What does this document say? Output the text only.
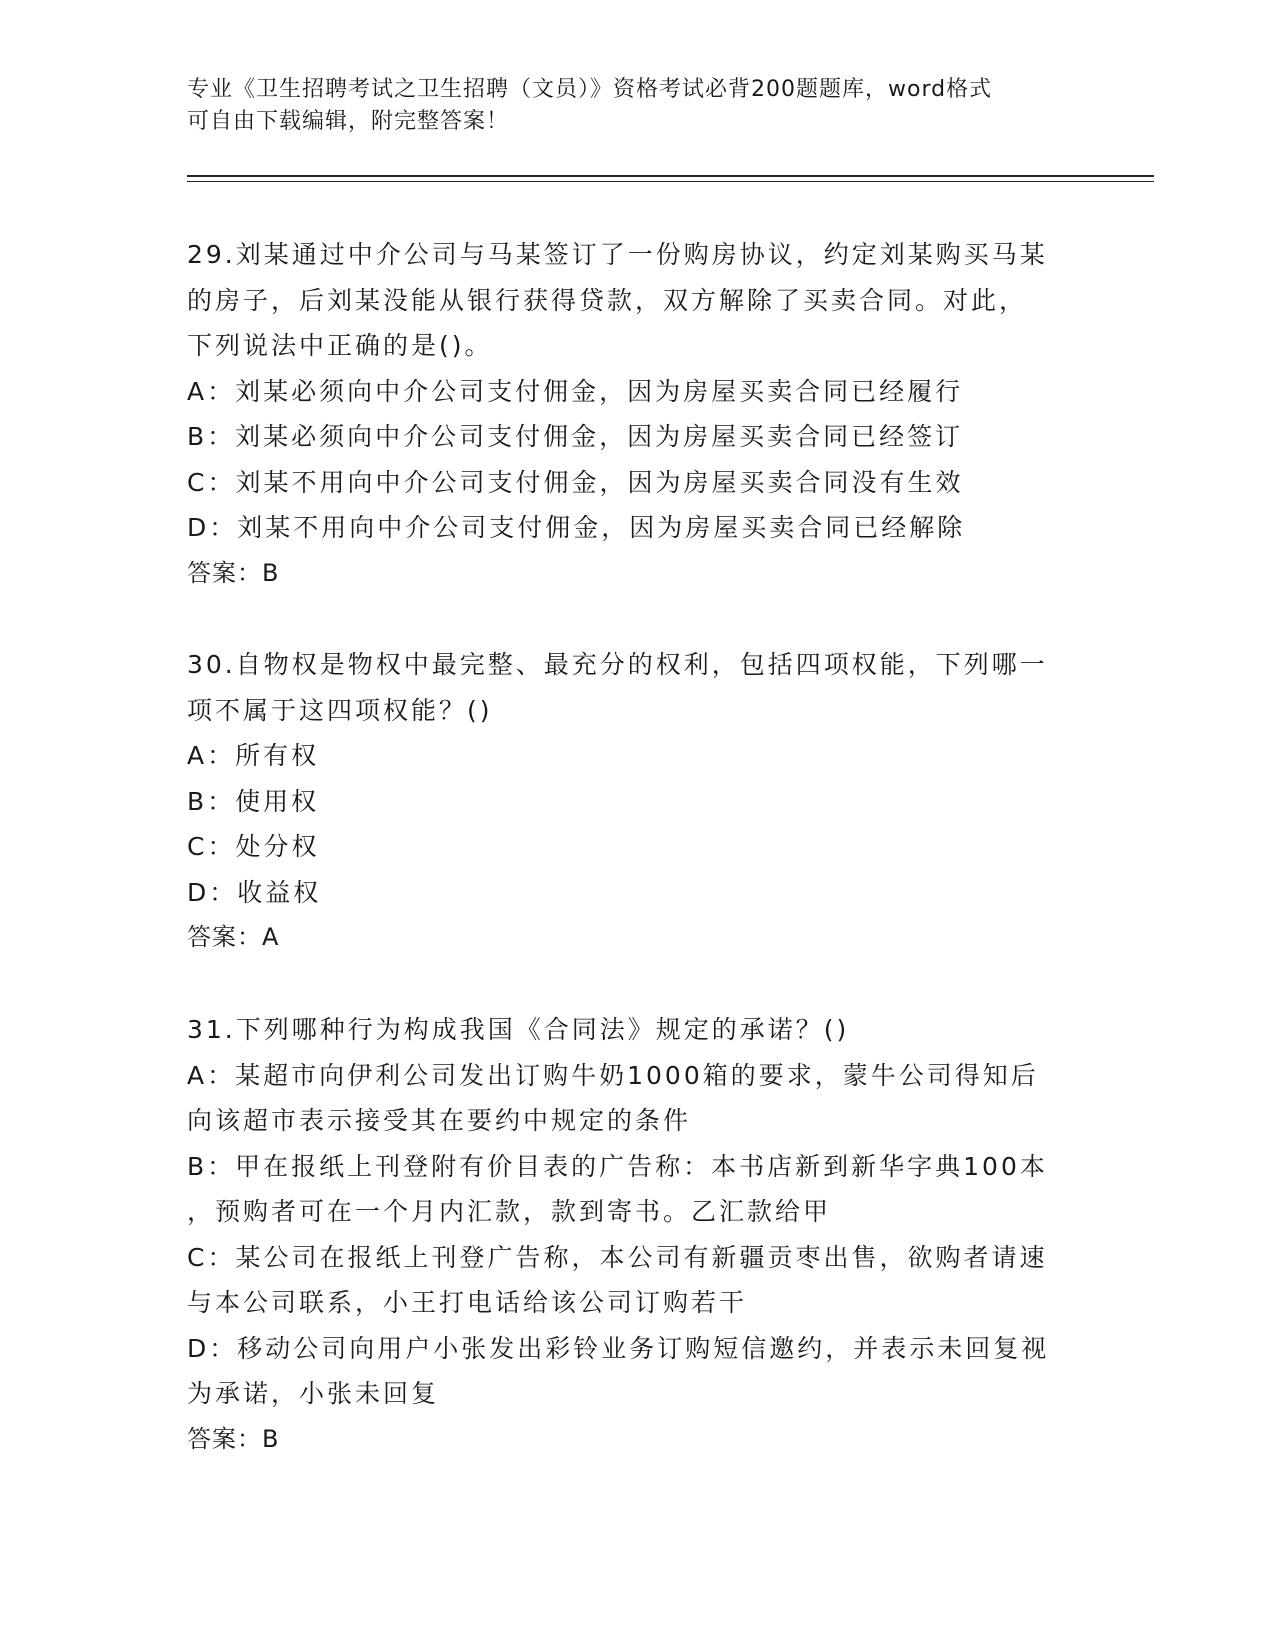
专业《卫生招聘考试之卫生招聘（文员）》资格考试必背200题题库，word格式
可自由下载编辑，附完整答案！
29.刘某通过中介公司与马某签订了一份购房协议，约定刘某购买马某
的房子，后刘某没能从银行获得贷款，双方解除了买卖合同。对此，
下列说法中正确的是()。
A：刘某必须向中介公司支付佣金，因为房屋买卖合同已经履行
B：刘某必须向中介公司支付佣金，因为房屋买卖合同已经签订
C：刘某不用向中介公司支付佣金，因为房屋买卖合同没有生效
D：刘某不用向中介公司支付佣金，因为房屋买卖合同已经解除
答案：B
30.自物权是物权中最完整、最充分的权利，包括四项权能，下列哪一
项不属于这四项权能？()
A：所有权
B：使用权
C：处分权
D：收益权
答案：A
31.下列哪种行为构成我国《合同法》规定的承诺？()
A：某超市向伊利公司发出订购牛奶1000箱的要求，蒙牛公司得知后
向该超市表示接受其在要约中规定的条件
B：甲在报纸上刊登附有价目表的广告称：本书店新到新华字典100本
，预购者可在一个月内汇款，款到寄书。乙汇款给甲
C：某公司在报纸上刊登广告称，本公司有新疆贡枣出售，欲购者请速
与本公司联系，小王打电话给该公司订购若干
D：移动公司向用户小张发出彩铃业务订购短信邀约，并表示未回复视
为承诺，小张未回复
答案：B
